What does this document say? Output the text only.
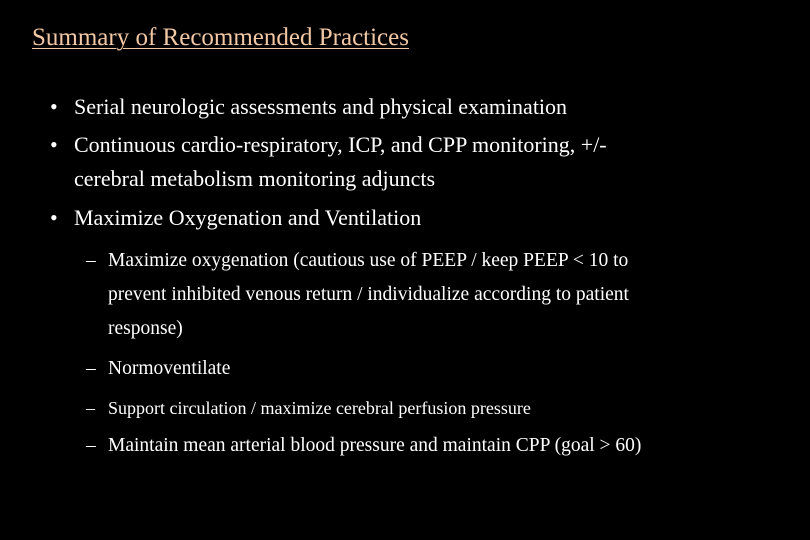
Summary of Recommended Practices
• Serial neurologic assessments and physical examination
• Continuous cardio-respiratory, ICP, and CPP monitoring, +/-
cerebral metabolism monitoring adjuncts
• Maximize Oxygenation and Ventilation
– Maximize oxygenation (cautious use of PEEP / keep PEEP < 10 to
prevent inhibited venous return / individualize according to patient
response)
– Normoventilate
– Support circulation / maximize cerebral perfusion pressure
– Maintain mean arterial blood pressure and maintain CPP (goal > 60)
